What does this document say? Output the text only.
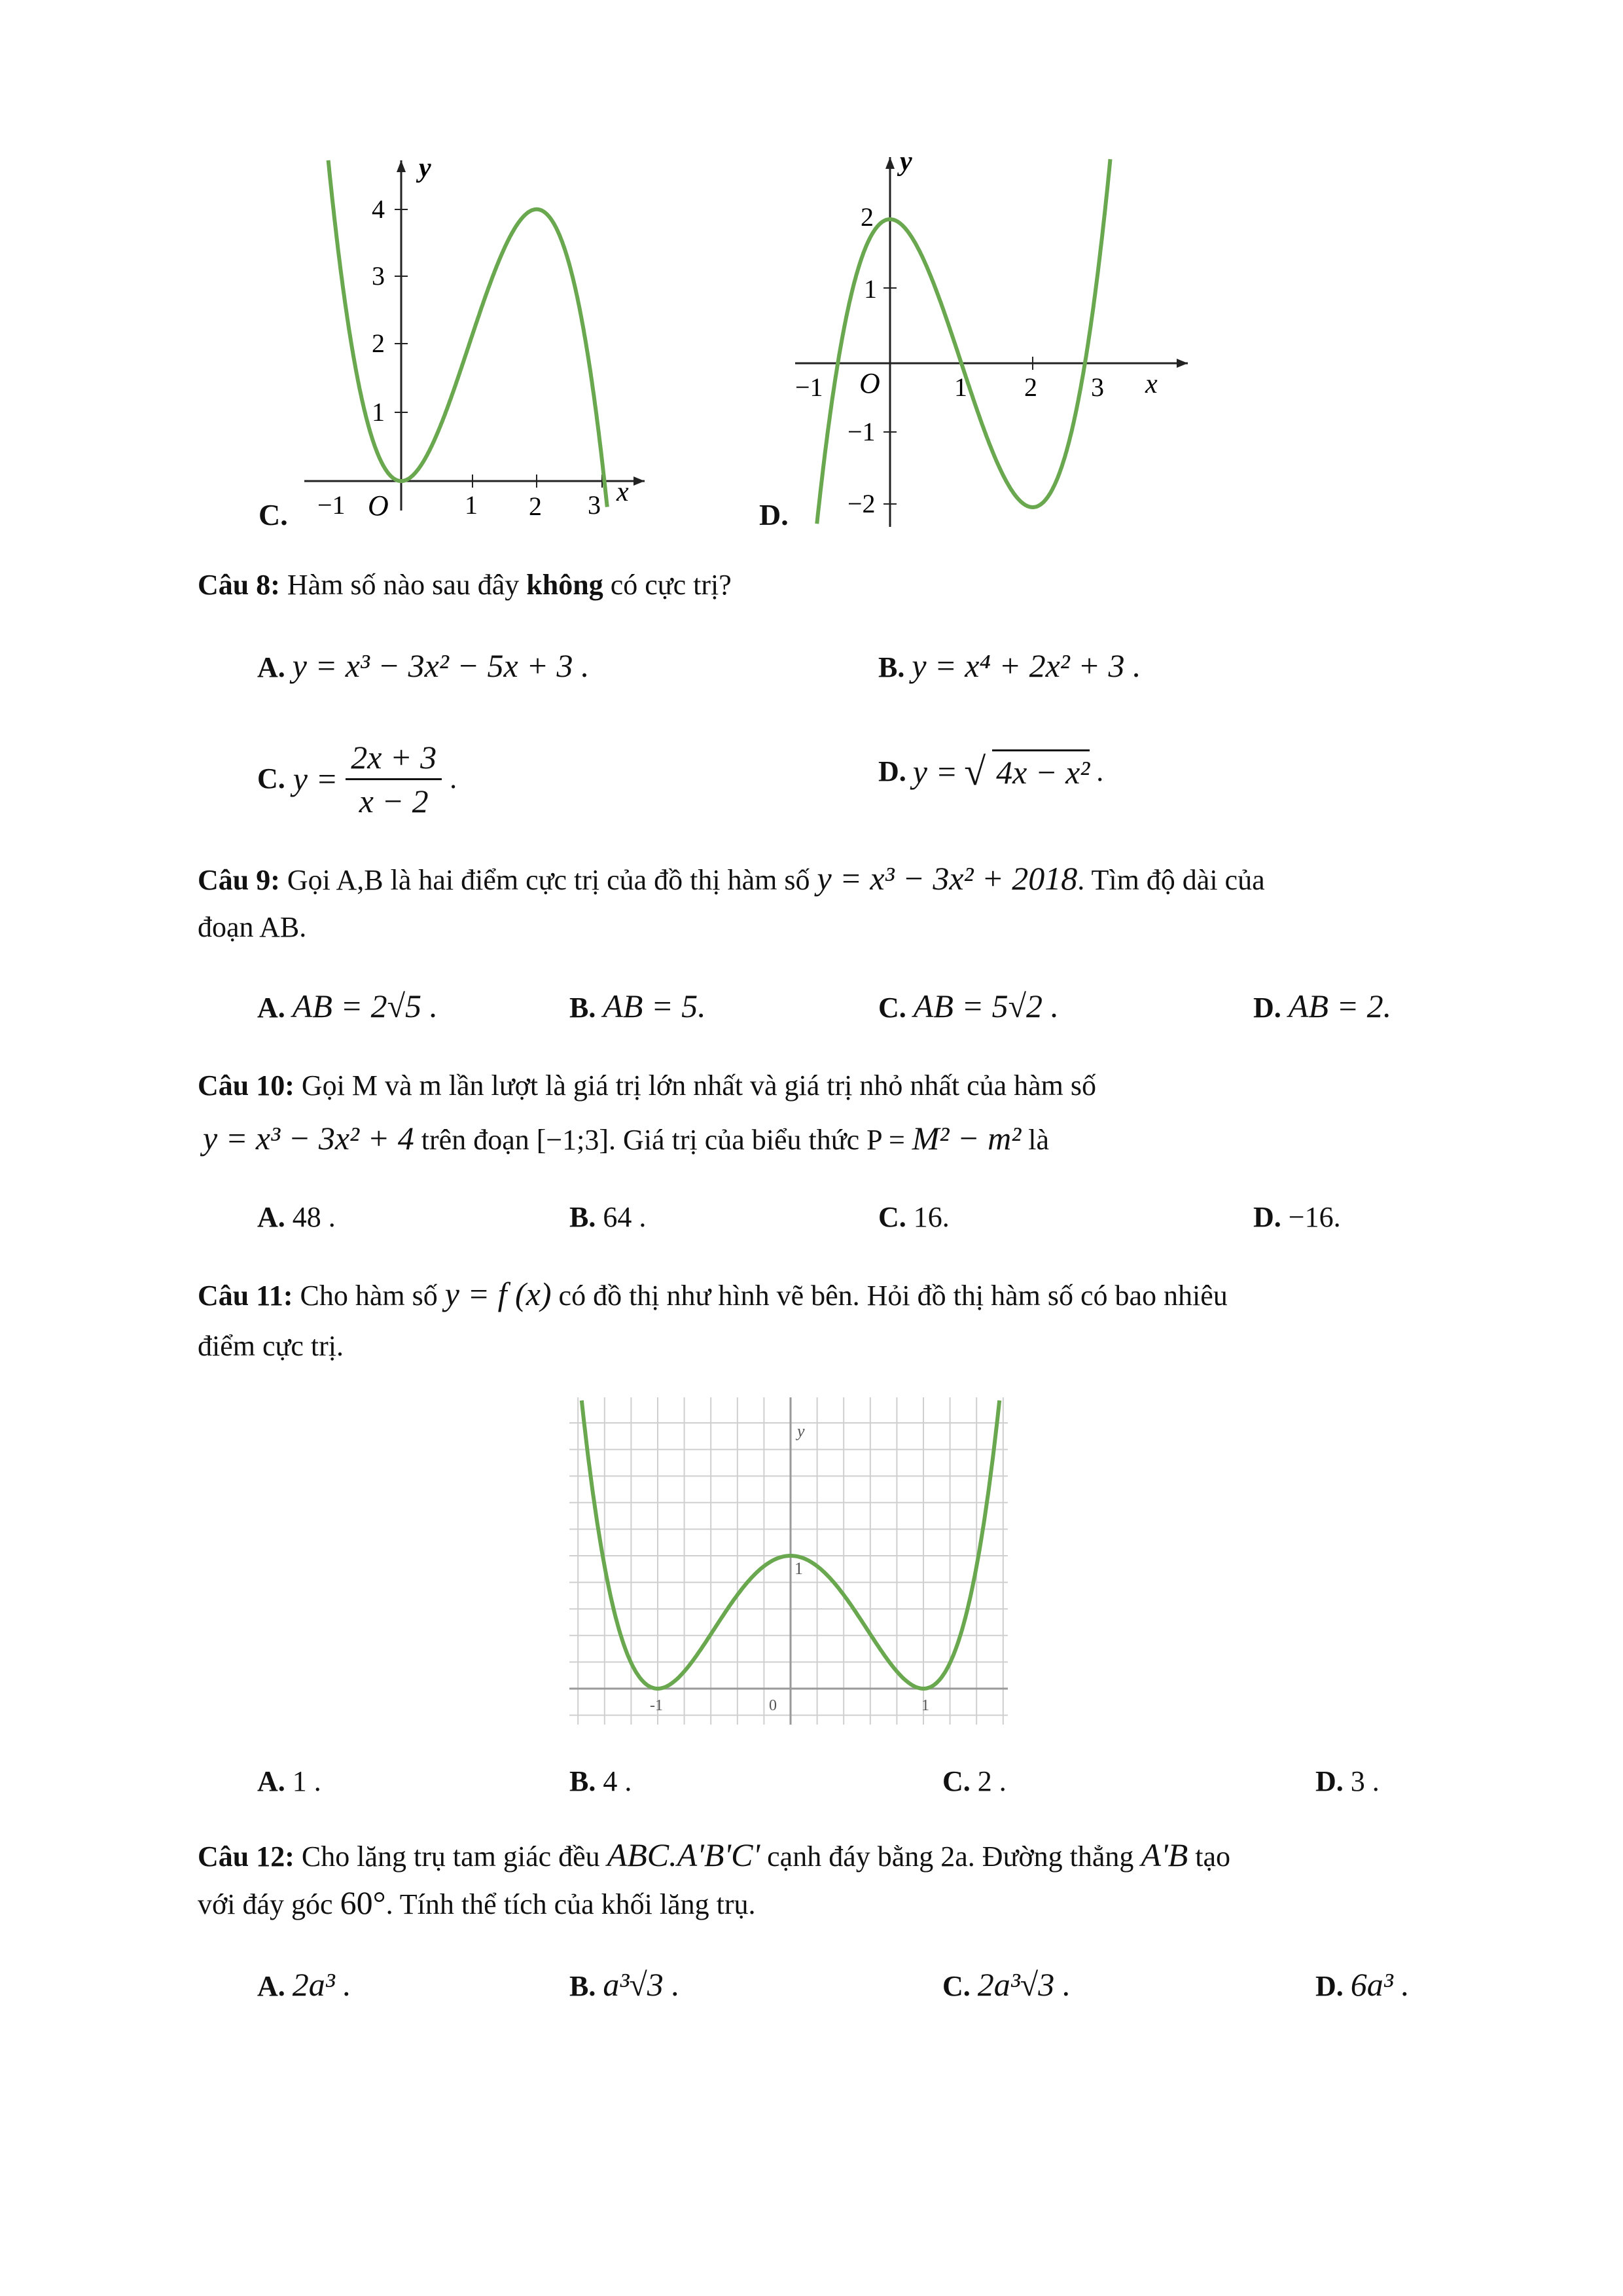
y
4
3
2
1
−1 O	1 2 3 x
C.
y
2
1
O
−1	1 2 3 x
−1
−2
D.
Câu 8: Hàm số nào sau đây không có cực trị?
A. y = x³ − 3x² − 5x + 3 .	B. y = x⁴ + 2x² + 3 .
C. $y = \frac{2x + 3}{x - 2}$ .	D. y = √ 4x − x² .
Câu 9: Gọi A,B là hai điểm cực trị của đồ thị hàm số y = x³ − 3x² + 2018. Tìm độ dài của
đoạn AB.
A. AB = 2√5 .	B. AB = 5.	C. AB = 5√2 .	D. AB = 2.
Câu 10: Gọi M và m lần lượt là giá trị lớn nhất và giá trị nhỏ nhất của hàm số
y = x³ − 3x² + 4 trên đoạn [−1;3]. Giá trị của biểu thức P = M² − m² là
A. 48 .	B. 64 .	C. 16.	D. −16.
Câu 11: Cho hàm số y = f (x) có đồ thị như hình vẽ bên. Hỏi đồ thị hàm số có bao nhiêu
điểm cực trị.
y
1
-1	0	1
A. 1 .	B. 4 .	C. 2 .	D. 3 .
Câu 12: Cho lăng trụ tam giác đều ABC.A'B'C' cạnh đáy bằng 2a. Đường thẳng A'B tạo
với đáy góc 60°. Tính thể tích của khối lăng trụ.
A. 2a³ .	B. a³√3 .	C. 2a³√3 .	D. 6a³ .
